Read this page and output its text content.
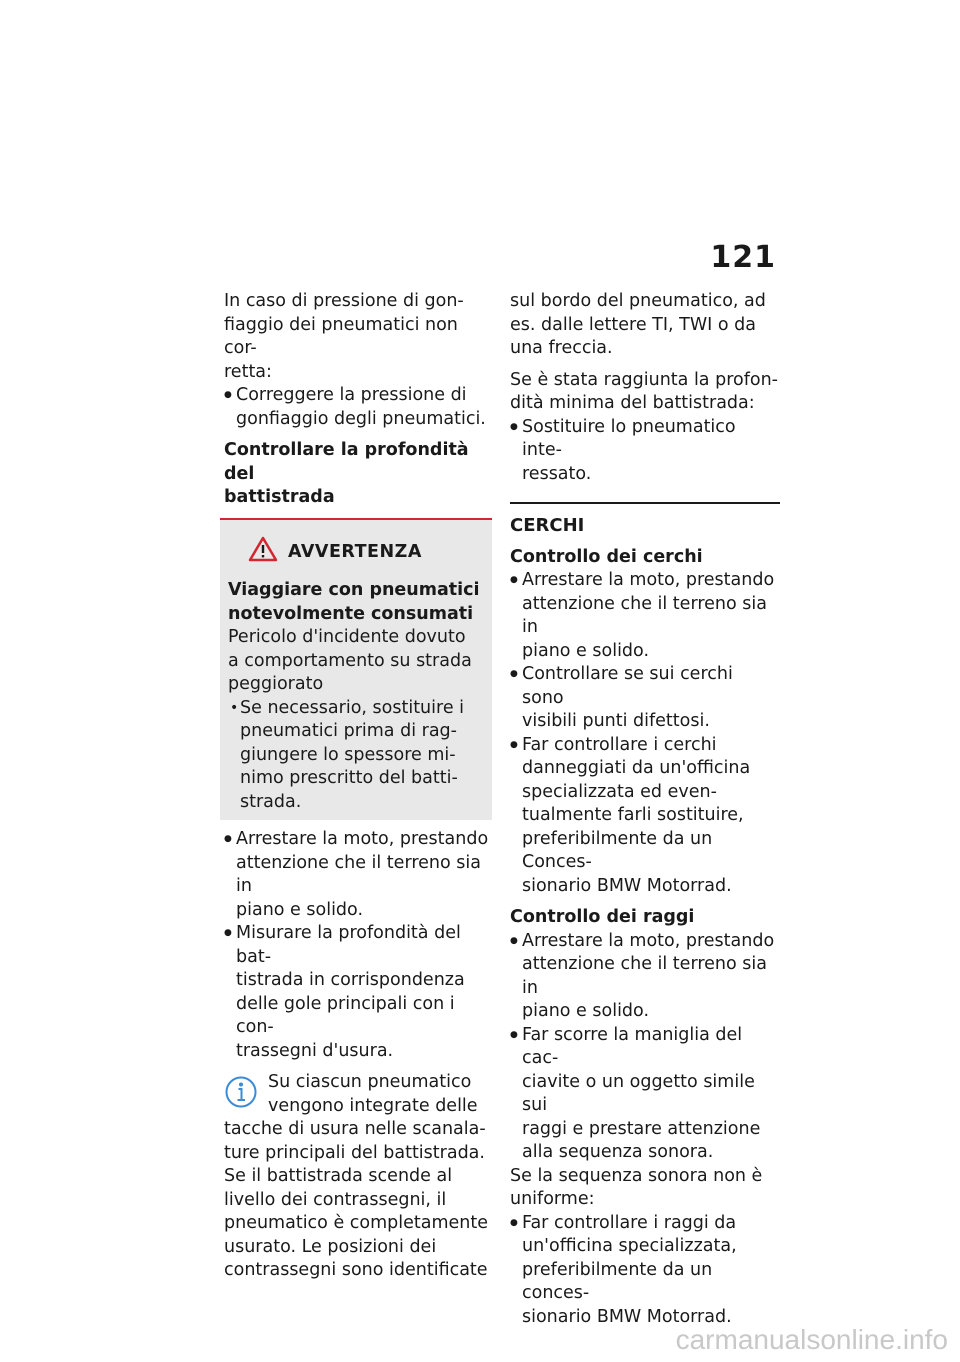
121

In caso di pressione di gon-

fiaggio dei pneumatici non cor-

retta:

● Correggere la pressione di

gonfiaggio degli pneumatici.

Controllare la profondità del

battistrada

AVVERTENZA

Viaggiare con pneumatici

notevolmente consumati

Pericolo d'incidente dovuto

a comportamento su strada

peggiorato

• Se necessario, sostituire i

pneumatici prima di rag-

giungere lo spessore mi-

nimo prescritto del batti-

strada.

● Arrestare la moto, prestando

attenzione che il terreno sia in

piano e solido.

● Misurare la profondità del bat-

tistrada in corrispondenza

delle gole principali con i con-

trassegni d'usura.

Su ciascun pneumatico

vengono integrate delle

tacche di usura nelle scanala-

ture principali del battistrada.

Se il battistrada scende al

livello dei contrassegni, il

pneumatico è completamente

usurato. Le posizioni dei

contrassegni sono identificate

sul bordo del pneumatico, ad

es. dalle lettere TI, TWI o da

una freccia.

Se è stata raggiunta la profon-

dità minima del battistrada:

● Sostituire lo pneumatico inte-

ressato.

CERCHI

Controllo dei cerchi

● Arrestare la moto, prestando

attenzione che il terreno sia in

piano e solido.

● Controllare se sui cerchi sono

visibili punti difettosi.

● Far controllare i cerchi

danneggiati da un'officina

specializzata ed even-

tualmente farli sostituire,

preferibilmente da un Conces-

sionario BMW Motorrad.

Controllo dei raggi

● Arrestare la moto, prestando

attenzione che il terreno sia in

piano e solido.

● Far scorre la maniglia del cac-

ciavite o un oggetto simile sui

raggi e prestare attenzione

alla sequenza sonora.

Se la sequenza sonora non è

uniforme:

● Far controllare i raggi da

un'officina specializzata,

preferibilmente da un conces-

sionario BMW Motorrad.

carmanualsonline.info
